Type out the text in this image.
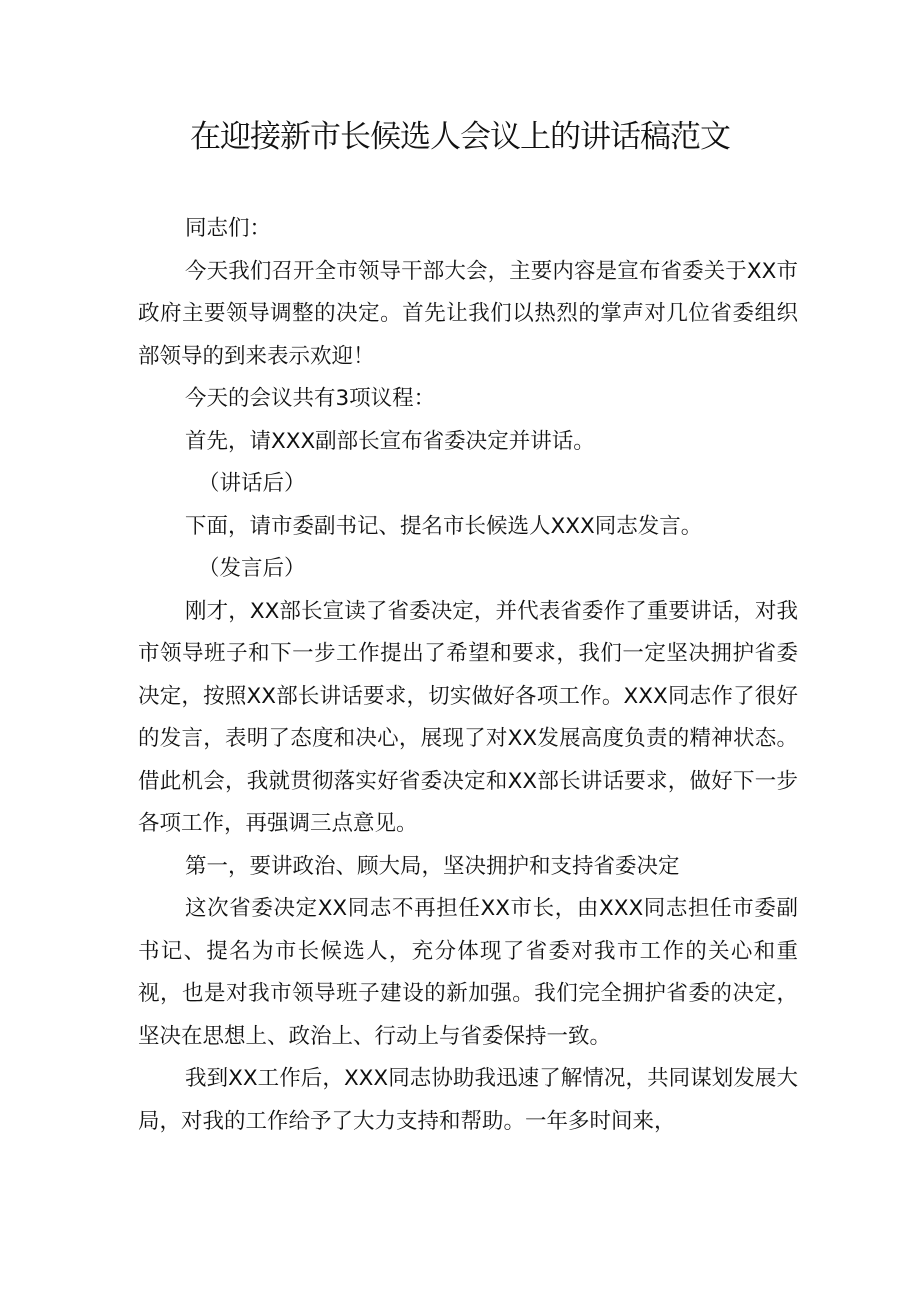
在迎接新市长候选人会议上的讲话稿范文

同志们：

今天我们召开全市领导干部大会，主要内容是宣布省委关于XX市政府主要领导调整的决定。首先让我们以热烈的掌声对几位省委组织部领导的到来表示欢迎！

今天的会议共有3项议程：

首先，请XXX副部长宣布省委决定并讲话。

（讲话后）

下面，请市委副书记、提名市长候选人XXX同志发言。

（发言后）

刚才，XX部长宣读了省委决定，并代表省委作了重要讲话，对我市领导班子和下一步工作提出了希望和要求，我们一定坚决拥护省委决定，按照XX部长讲话要求，切实做好各项工作。XXX同志作了很好的发言，表明了态度和决心，展现了对XX发展高度负责的精神状态。借此机会，我就贯彻落实好省委决定和XX部长讲话要求，做好下一步各项工作，再强调三点意见。

第一，要讲政治、顾大局，坚决拥护和支持省委决定

这次省委决定XX同志不再担任XX市长，由XXX同志担任市委副书记、提名为市长候选人，充分体现了省委对我市工作的关心和重视，也是对我市领导班子建设的新加强。我们完全拥护省委的决定，坚决在思想上、政治上、行动上与省委保持一致。

我到XX工作后，XXX同志协助我迅速了解情况，共同谋划发展大局，对我的工作给予了大力支持和帮助。一年多时间来，
